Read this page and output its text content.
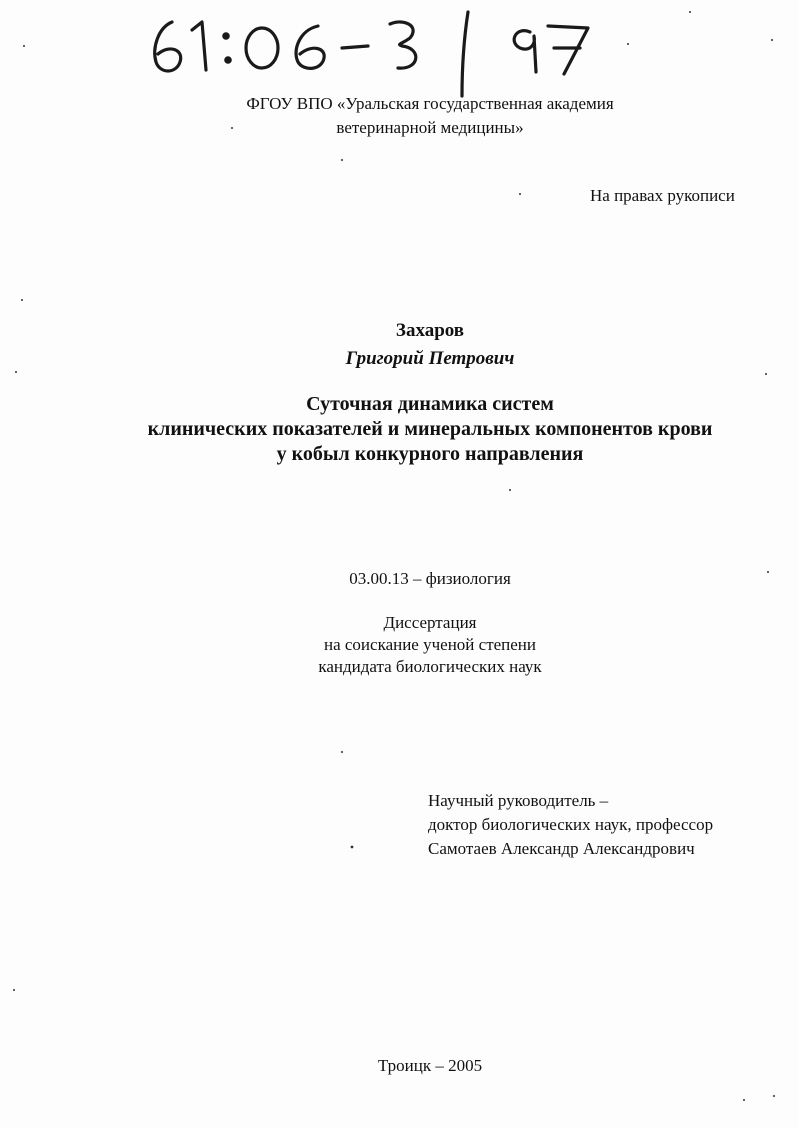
ФГОУ ВПО «Уральская государственная академия
ветеринарной медицины»
На правах рукописи
Захаров
Григорий Петрович
Суточная динамика систем
клинических показателей и минеральных компонентов крови
у кобыл конкурного направления
03.00.13 – физиология
Диссертация
на соискание ученой степени
кандидата биологических наук
Научный руководитель –
доктор биологических наук, профессор
Самотаев Александр Александрович
Троицк – 2005
